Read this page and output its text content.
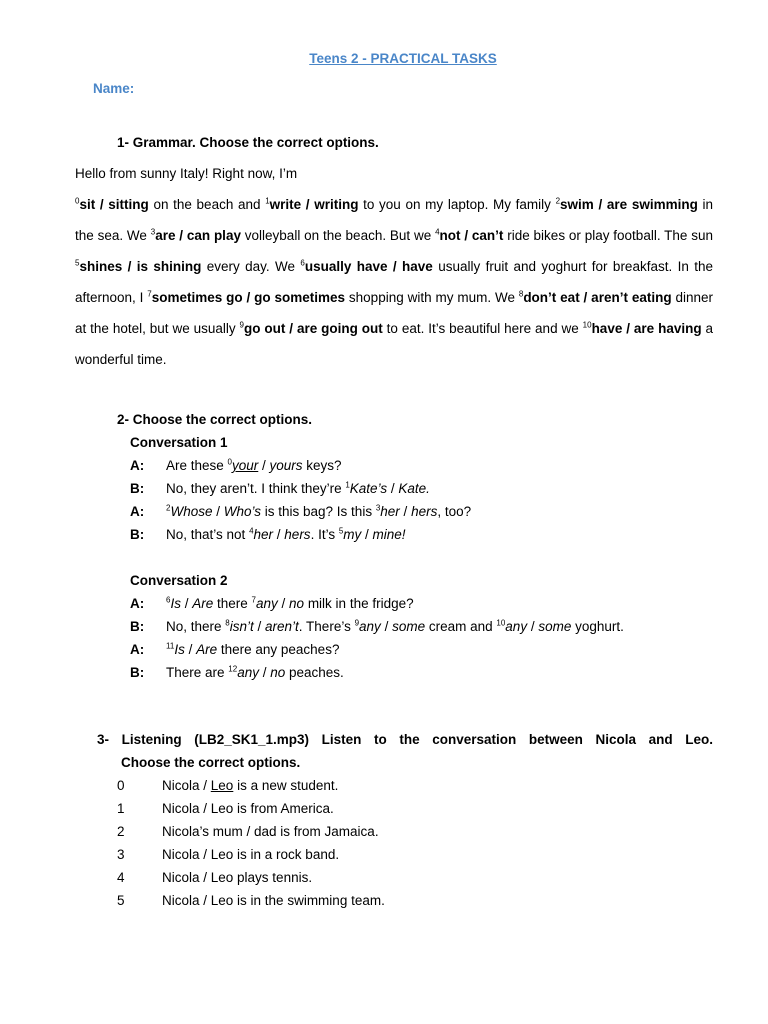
Teens 2 - PRACTICAL TASKS
Name:
1- Grammar. Choose the correct options.
Hello from sunny Italy! Right now, I’m
$^0$sit / sitting on the beach and $^1$write / writing to you on my laptop. My family $^2$swim / are swimming in the sea. We $^3$are / can play volleyball on the beach. But we $^4$not / can’t ride bikes or play football. The sun $^5$shines / is shining every day. We $^6$usually have / have usually fruit and yoghurt for breakfast. In the afternoon, I $^7$sometimes go / go sometimes shopping with my mum. We $^8$don’t eat / aren’t eating dinner at the hotel, but we usually $^9$go out / are going out to eat. It’s beautiful here and we $^{10}$have / are having a wonderful time.
2- Choose the correct options.
Conversation 1
A: Are these $^0$your / yours keys?
B: No, they aren’t. I think they’re $^1$Kate’s / Kate.
A:	$^2$Whose / Who’s is this bag? Is this $^3$her / hers, too?
B: No, that’s not $^4$her / hers. It’s $^5$my / mine!
Conversation 2
A:	$^6$Is / Are there $^7$any / no milk in the fridge?
B: No, there $^8$isn’t / aren’t. There’s $^9$any / some cream and $^{10}$any / some yoghurt.
A:	$^{11}$Is / Are there any peaches?
B: There are $^{12}$any / no peaches.
3- Listening (LB2_SK1_1.mp3) Listen to the conversation between Nicola and Leo.
Choose the correct options.
0	Nicola / Leo is a new student.
1	Nicola / Leo is from America.
2	Nicola’s mum / dad is from Jamaica.
3	Nicola / Leo is in a rock band.
4	Nicola / Leo plays tennis.
5	Nicola / Leo is in the swimming team.
